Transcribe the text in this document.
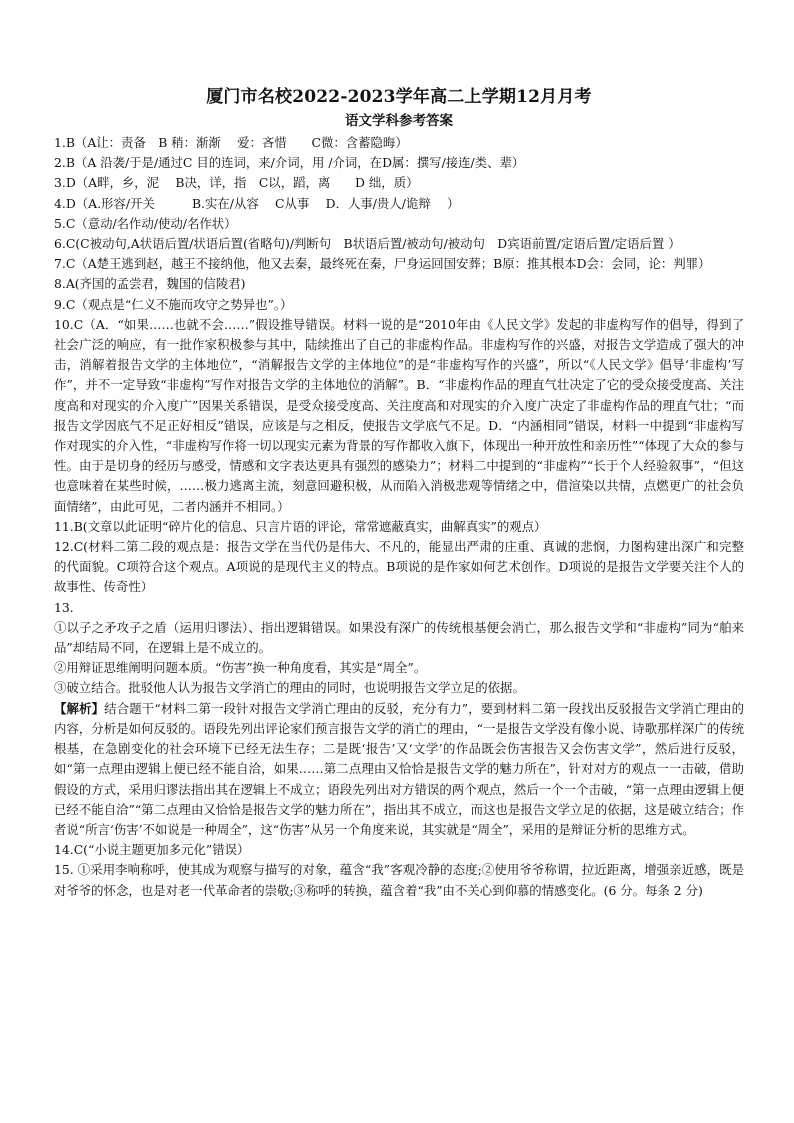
厦门市名校2022-2023学年高二上学期12月月考
语文学科参考答案

1.B（A让：责备　B 稍：渐渐　 爱：吝惜　　C微：含蓄隐晦）

2.B（A 沿袭/于是/通过C 目的连词，来/介词，用 /介词，在D属：撰写/接连/类、辈）

3.D（A畔，乡，泥　 B决，详，指　C以，蹈，离　　D 绌，质）

4.D（A.形容/开关　　　B.实在/从容　 C从事　 D．人事/贵人/诡辩　 ）

5.C（意动/名作动/使动/名作状）

6.C(C被动句,A状语后置/状语后置(省略句)/判断句　B状语后置/被动句/被动句　D宾语前置/定语后置/定语后置 ）

7.C（A楚王逃到赵，越王不接纳他，他又去秦，最终死在秦，尸身运回国安葬；B原：推其根本D会：会同，论：判罪）

8.A(齐国的孟尝君，魏国的信陵君)

9.C（观点是“仁义不施而攻守之势异也”。）

10.C（A．“如果……也就不会……”假设推导错误。材料一说的是“2010年由《人民文学》发起的非虚构写作的倡导，得到了社会广泛的响应，有一批作家积极参与其中，陆续推出了自己的非虚构作品。非虚构写作的兴盛，对报告文学造成了强大的冲击，消解着报告文学的主体地位”，“消解报告文学的主体地位”的是“非虚构写作的兴盛”，所以“《人民文学》倡导‘非虚构’写作”，并不一定导致“非虚构”写作对报告文学的主体地位的消解”。B．“非虚构作品的理直气壮决定了它的受众接受度高、关注度高和对现实的介入度广”因果关系错误，是受众接受度高、关注度高和对现实的介入度广决定了非虚构作品的理直气壮；“而报告文学因底气不足正好相反”错误，应该是与之相反，使报告文学底气不足。D．“内涵相同”错误，材料一中提到“非虚构写作对现实的介入性，“非虚构写作将一切以现实元素为背景的写作都收入旗下，体现出一种开放性和亲历性”“体现了大众的参与性。由于是切身的经历与感受，情感和文字表达更具有强烈的感染力”；材料二中提到的“非虚构”“长于个人经验叙事”，“但这也意味着在某些时候，……极力逃离主流，刻意回避积极，从而陷入消极悲观等情绪之中，借渲染以共情，点燃更广的社会负面情绪”，由此可见，二者内涵并不相同。）

11.B(文章以此证明“碎片化的信息、只言片语的评论，常常遮蔽真实，曲解真实”的观点）

12.C(材料二第二段的观点是：报告文学在当代仍是伟大、不凡的，能显出严肃的庄重、真诚的悲悯，力图构建出深广和完整的代面貌。C项符合这个观点。A项说的是现代主义的特点。B项说的是作家如何艺术创作。D项说的是报告文学要关注个人的故事性、传奇性）

13.

①以子之矛攻子之盾（运用归谬法）、指出逻辑错误。如果没有深广的传统根基便会消亡，那么报告文学和“非虚构”同为“舶来品”却结局不同，在逻辑上是不成立的。

②用辩证思维阐明问题本质。“伤害”换一种角度看，其实是“周全”。

③破立结合。批驳他人认为报告文学消亡的理由的同时，也说明报告文学立足的依据。

【解析】结合题干“材料二第一段针对报告文学消亡理由的反驳，充分有力”，要到材料二第一段找出反驳报告文学消亡理由的内容，分析是如何反驳的。语段先列出评论家们预言报告文学的消亡的理由，“一是报告文学没有像小说、诗歌那样深广的传统根基，在急剧变化的社会环境下已经无法生存；二是既‘报告’又‘文学’的作品既会伤害报告又会伤害文学”，然后进行反驳，如“第一点理由逻辑上便已经不能自洽，如果……第二点理由又恰恰是报告文学的魅力所在”，针对对方的观点一一击破，借助假设的方式，采用归谬法指出其在逻辑上不成立；语段先列出对方错误的两个观点，然后一个一个击破，“第一点理由逻辑上便已经不能自洽”“第二点理由又恰恰是报告文学的魅力所在”，指出其不成立，而这也是报告文学立足的依据，这是破立结合；作者说“所言‘伤害’不如说是一种周全”，这“伤害”从另一个角度来说，其实就是“周全”，采用的是辩证分析的思维方式。

14.C(“小说主题更加多元化”错误）

15. ①采用李响称呼，使其成为观察与描写的对象，蕴含“我”客观冷静的态度;②使用爷爷称谓，拉近距离，增强亲近感，既是对爷爷的怀念，也是对老一代革命者的崇敬;③称呼的转换，蕴含着“我”由不关心到仰慕的情感变化。(6 分。每条 2 分)
